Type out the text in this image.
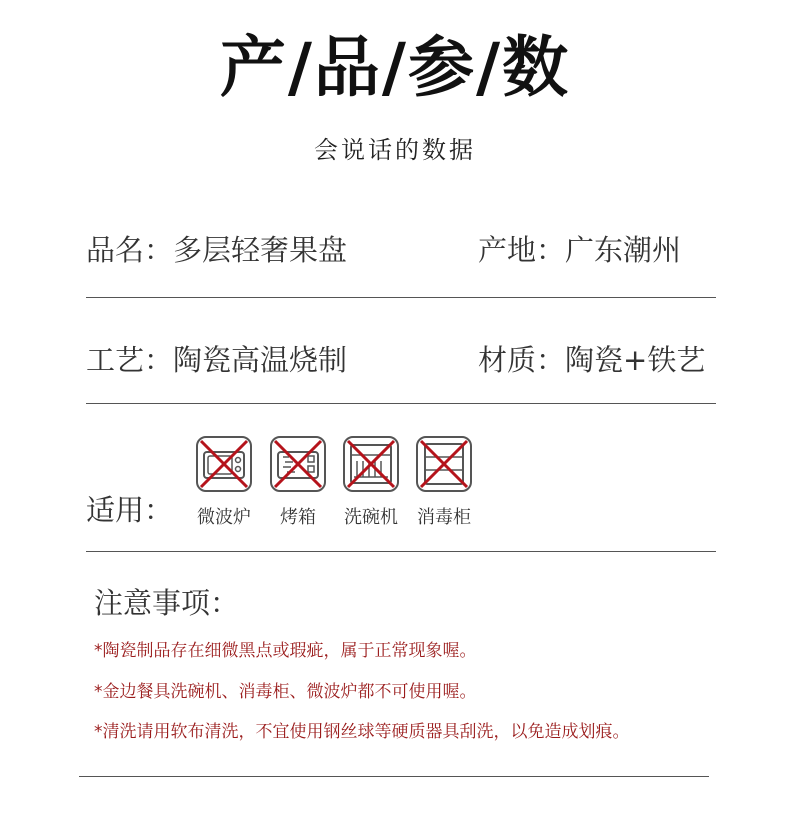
产/品/参/数
会说话的数据
品名：多层轻奢果盘	产地：广东潮州
工艺：陶瓷高温烧制	材质：陶瓷+铁艺
适用：	微波炉	烤箱	洗碗机	消毒柜
注意事项：
*陶瓷制品存在细微黑点或瑕疵，属于正常现象喔。
*金边餐具洗碗机、消毒柜、微波炉都不可使用喔。
*清洗请用软布清洗，不宜使用钢丝球等硬质器具刮洗，以免造成划痕。
